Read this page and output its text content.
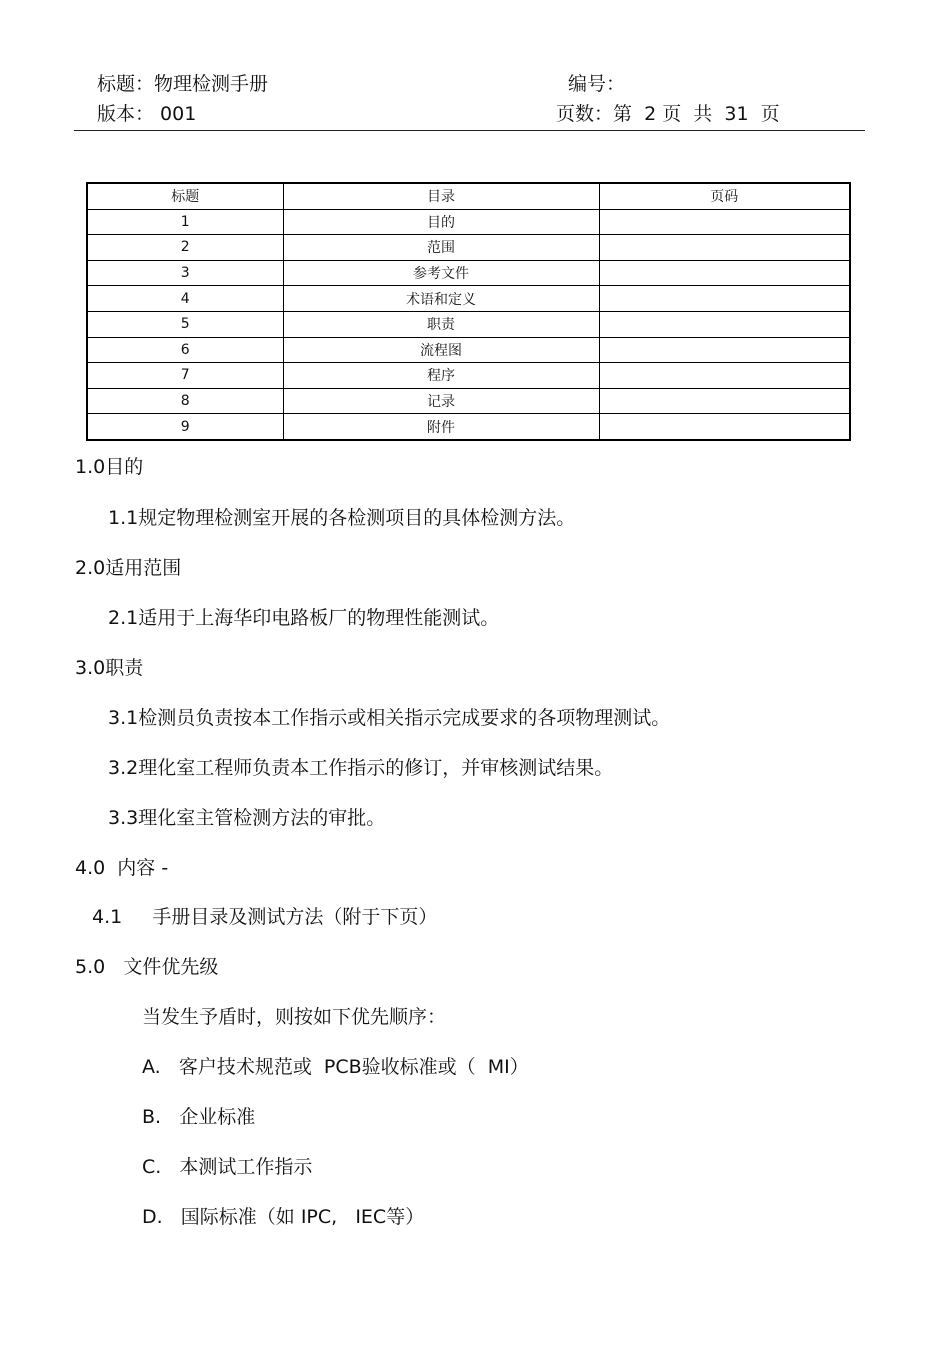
标题：物理检测手册	编号：
版本： 001	页数：第  2 页  共  31  页
标题	目录	页码
1	目的	
2	范围	
3	参考文件	
4	术语和定义	
5	职责	
6	流程图	
7	程序	
8	记录	
9	附件	
1.0目的
1.1规定物理检测室开展的各检测项目的具体检测方法。
2.0适用范围
2.1适用于上海华印电路板厂的物理性能测试。
3.0职责
3.1检测员负责按本工作指示或相关指示完成要求的各项物理测试。
3.2理化室工程师负责本工作指示的修订，并审核测试结果。
3.3理化室主管检测方法的审批。
4.0  内容 -
4.1     手册目录及测试方法（附于下页）
5.0   文件优先级
当发生予盾时，则按如下优先顺序：
A.   客户技术规范或  PCB验收标准或（  MI）
B.   企业标准
C.   本测试工作指示
D.   国际标准（如 IPC,   IEC等）
